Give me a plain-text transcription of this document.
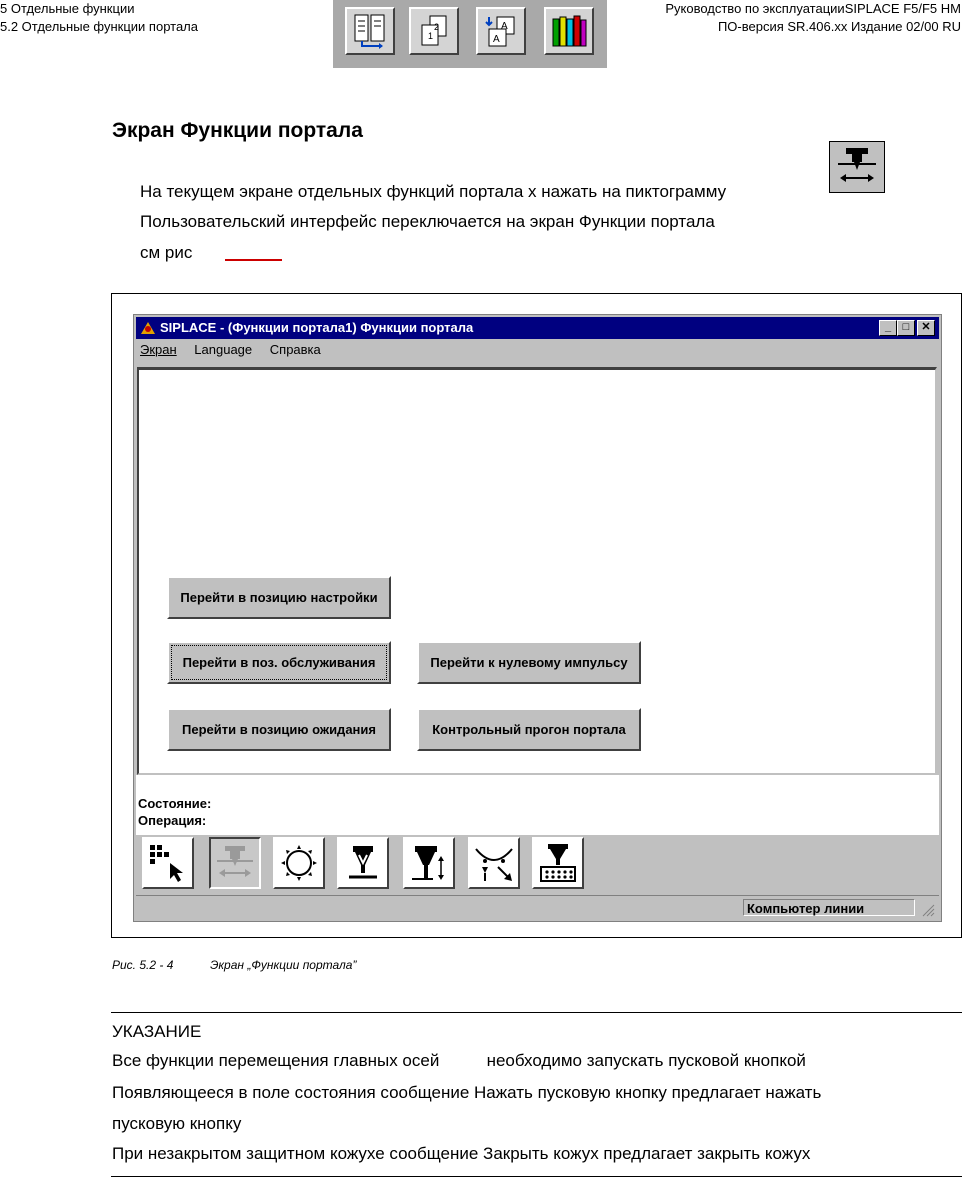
5 Отдельные функции
5.2 Отдельные функции портала
Руководство по эксплуатацииSIPLACE F5/F5 HM
ПО-версия SR.406.xx Издание 02/00 RU
2
1
A
A
Экран Функции портала
На текущем экране отдельных функций портала х нажать на пиктограмму
Пользовательский интерфейс переключается на экран Функции портала
см рис
SIPLACE - (Функции портала1) Функции портала	_	□	✕
Экран Language Справка
Перейти в позицию настройки
Перейти в поз. обслуживания	Перейти к нулевому импульсу
Перейти в позицию ожидания	Контрольный прогон портала
Состояние:
Операция:
Компьютер линии
Рис. 5.2 - 4	Экран „Функции портала”
УКАЗАНИЕ
Все функции перемещения главных осей          необходимо запускать пусковой кнопкой
Появляющееся в поле состояния сообщение Нажать пусковую кнопку предлагает нажать
пусковую кнопку
При незакрытом защитном кожухе сообщение Закрыть кожух предлагает закрыть кожух
